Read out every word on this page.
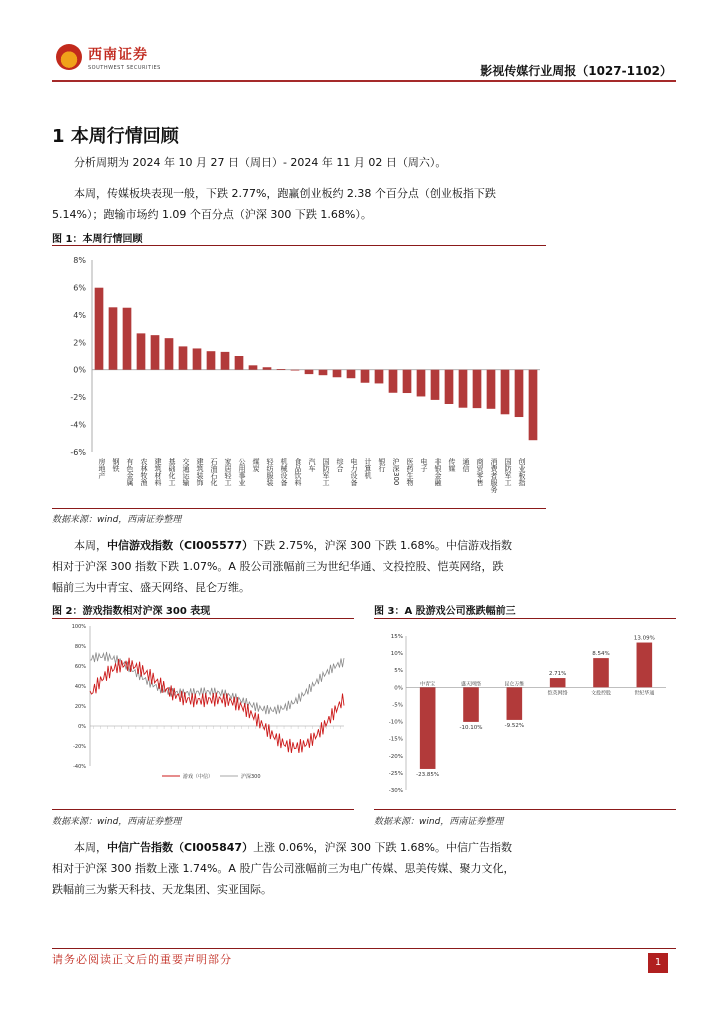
西南证券
SOUTHWEST SECURITIES	影视传媒行业周报（1027-1102）
1 本周行情回顾
分析周期为 2024 年 10 月 27 日（周日）- 2024 年 11 月 02 日（周六）。
本周，传媒板块表现一般，下跌 2.77%，跑赢创业板约 2.38 个百分点（创业板指下跌
5.14%）；跑输市场约 1.09 个百分点（沪深 300 下跌 1.68%）。
图 1：本周行情回顾
8%
6%
4%
2%
0%
-2%
-4%
-6%
房地产 钢铁 有色金属 农林牧渔 建筑材料 基础化工 交通运输 建筑装饰 石油石化 家居轻工 公用事业 煤炭 轻纺服装 机械设备 食品饮料 汽车 国防军工 综合 电力设备 计算机 银行 沪深300 医药生物 电子 非银金融 传媒 通信 商贸零售 消费者服务 国防军工 创业板指
数据来源：wind，西南证券整理
本周，中信游戏指数（CI005577）下跌 2.75%，沪深 300 下跌 1.68%。中信游戏指数
相对于沪深 300 指数下跌 1.07%。A 股公司涨幅前三为世纪华通、文投控股、恺英网络，跌
幅前三为中青宝、盛天网络、昆仑万维。
图 2：游戏指数相对沪深 300 表现
100%
80%
60%
40%
20%
0%
-20%
-40%
游戏（中信）	沪深300
数据来源：wind，西南证券整理
图 3：A 股游戏公司涨跌幅前三
15%
10%
5%
0%
-5%
-10%
-15%
-20%
-25%
-30%
-23.85%
中青宝
-10.10%
盛天网络
-9.52%
昆仑万维
2.71%
恺英网络
8.54%
文投控股
13.09%
世纪华通
数据来源：wind，西南证券整理
本周，中信广告指数（CI005847）上涨 0.06%，沪深 300 下跌 1.68%。中信广告指数
相对于沪深 300 指数上涨 1.74%。A 股广告公司涨幅前三为电广传媒、思美传媒、聚力文化，
跌幅前三为紫天科技、天龙集团、实亚国际。
请务必阅读正文后的重要声明部分	1
